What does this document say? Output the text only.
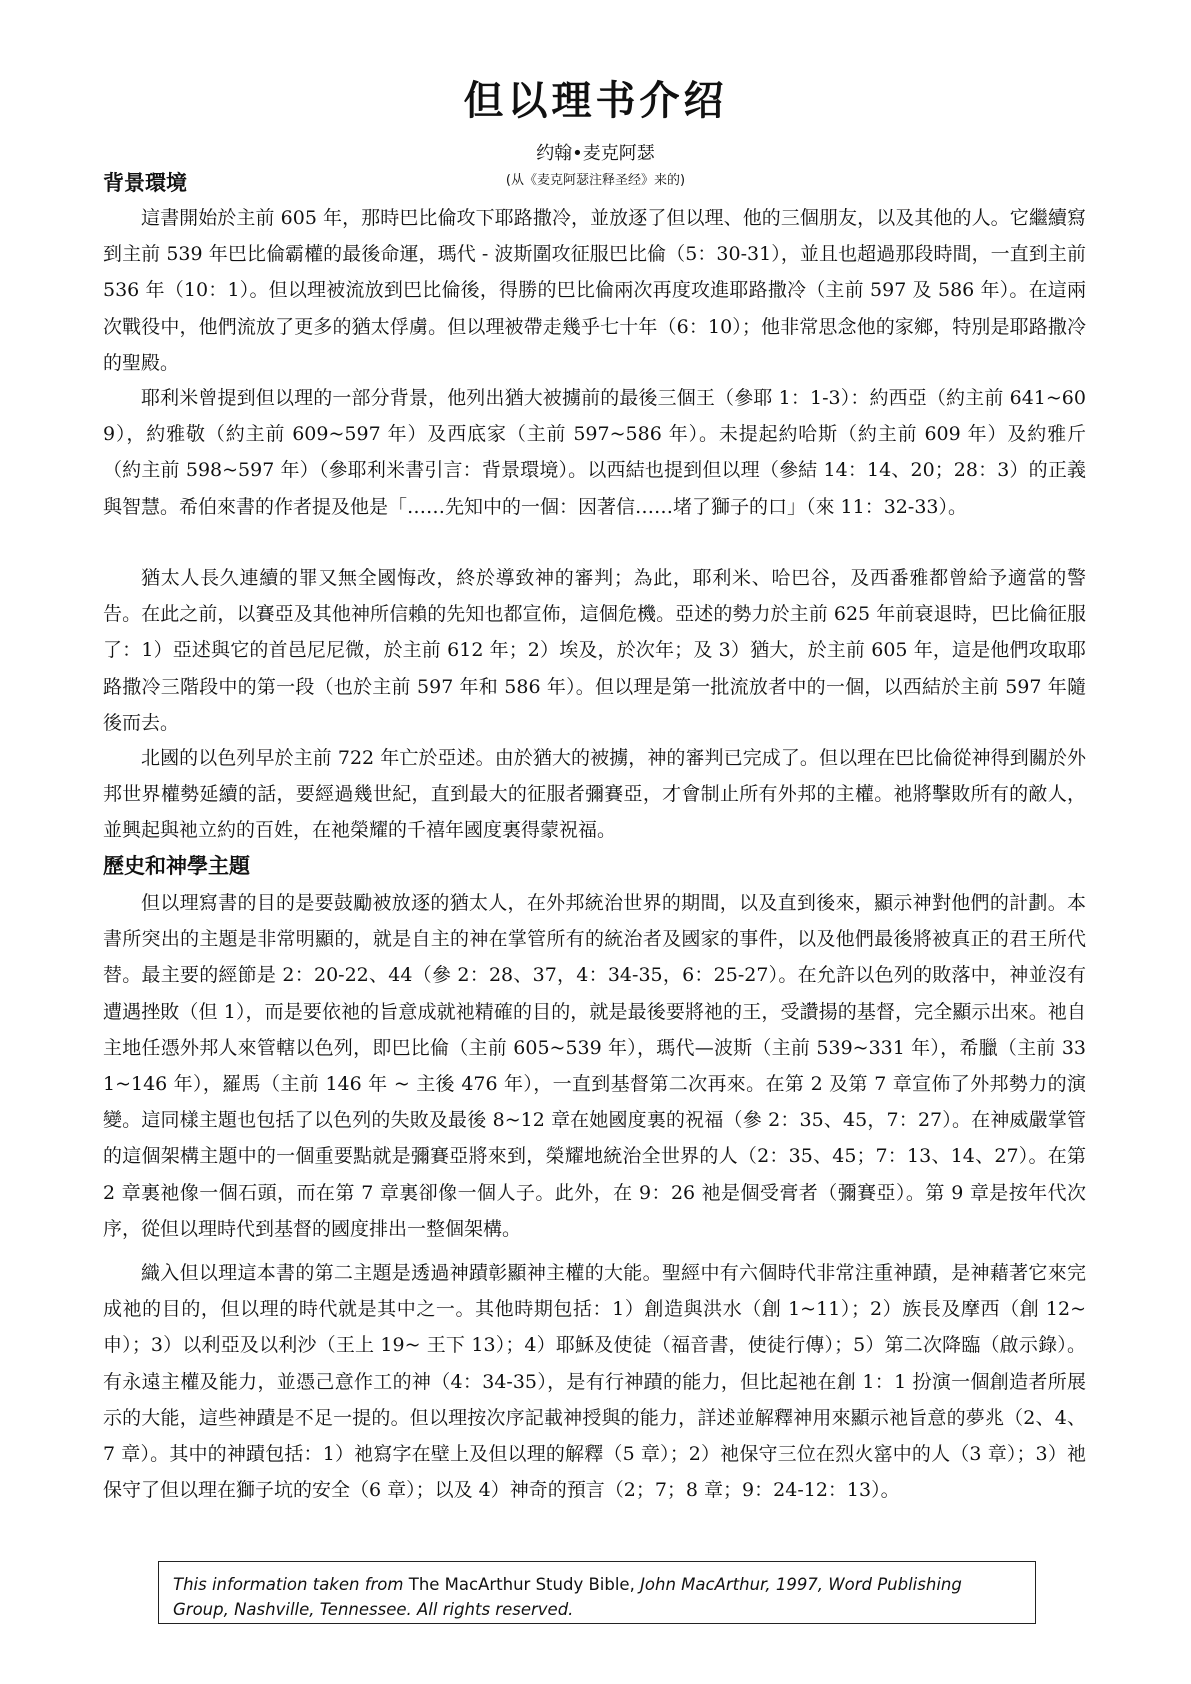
但以理书介绍
约翰•麦克阿瑟
(从《麦克阿瑟注释圣经》来的)
背景環境

這書開始於主前 605 年，那時巴比倫攻下耶路撒冷，並放逐了但以理、他的三個朋友，以及其他的人。它繼續寫到主前 539 年巴比倫霸權的最後命運，瑪代 - 波斯圍攻征服巴比倫（5：30-31），並且也超過那段時間，一直到主前 536 年（10：1）。但以理被流放到巴比倫後，得勝的巴比倫兩次再度攻進耶路撒冷（主前 597 及 586 年）。在這兩次戰役中，他們流放了更多的猶太俘虜。但以理被帶走幾乎七十年（6：10）；他非常思念他的家鄉，特別是耶路撒冷的聖殿。

耶利米曾提到但以理的一部分背景，他列出猶大被擄前的最後三個王（參耶 1：1-3）：約西亞（約主前 641~609），約雅敬（約主前 609~597 年）及西底家（主前 597~586 年）。未提起約哈斯（約主前 609 年）及約雅斤（約主前 598~597 年）（參耶利米書引言：背景環境）。以西結也提到但以理（參結 14：14、20；28：3）的正義與智慧。希伯來書的作者提及他是「……先知中的一個：因著信……堵了獅子的口」（來 11：32-33）。

猶太人長久連續的罪又無全國悔改，終於導致神的審判；為此，耶利米、哈巴谷，及西番雅都曾給予適當的警告。在此之前，以賽亞及其他神所信賴的先知也都宣佈，這個危機。亞述的勢力於主前 625 年前衰退時，巴比倫征服了：1）亞述與它的首邑尼尼微，於主前 612 年；2）埃及，於次年；及 3）猶大，於主前 605 年，這是他們攻取耶路撒冷三階段中的第一段（也於主前 597 年和 586 年）。但以理是第一批流放者中的一個，以西結於主前 597 年隨後而去。

北國的以色列早於主前 722 年亡於亞述。由於猶大的被擄，神的審判已完成了。但以理在巴比倫從神得到關於外邦世界權勢延續的話，要經過幾世紀，直到最大的征服者彌賽亞，才會制止所有外邦的主權。祂將擊敗所有的敵人，並興起與祂立約的百姓，在祂榮耀的千禧年國度裏得蒙祝福。

歷史和神學主題

但以理寫書的目的是要鼓勵被放逐的猶太人，在外邦統治世界的期間，以及直到後來，顯示神對他們的計劃。本書所突出的主題是非常明顯的，就是自主的神在掌管所有的統治者及國家的事件，以及他們最後將被真正的君王所代替。最主要的經節是 2：20-22、44（參 2：28、37，4：34-35，6：25-27）。在允許以色列的敗落中，神並沒有遭遇挫敗（但 1），而是要依祂的旨意成就祂精確的目的，就是最後要將祂的王，受讚揚的基督，完全顯示出來。祂自主地任憑外邦人來管轄以色列，即巴比倫（主前 605~539 年），瑪代—波斯（主前 539~331 年），希臘（主前 331~146 年），羅馬（主前 146 年 ~ 主後 476 年），一直到基督第二次再來。在第 2 及第 7 章宣佈了外邦勢力的演變。這同樣主題也包括了以色列的失敗及最後 8~12 章在她國度裏的祝福（參 2：35、45，7：27）。在神威嚴掌管的這個架構主題中的一個重要點就是彌賽亞將來到，榮耀地統治全世界的人（2：35、45；7：13、14、27）。在第 2 章裏祂像一個石頭，而在第 7 章裏卻像一個人子。此外，在 9：26 祂是個受膏者（彌賽亞）。第 9 章是按年代次序，從但以理時代到基督的國度排出一整個架構。

織入但以理這本書的第二主題是透過神蹟彰顯神主權的大能。聖經中有六個時代非常注重神蹟，是神藉著它來完成祂的目的，但以理的時代就是其中之一。其他時期包括：1）創造與洪水（創 1~11）；2）族長及摩西（創 12~ 申）；3）以利亞及以利沙（王上 19~ 王下 13）；4）耶穌及使徒（福音書，使徒行傳）；5）第二次降臨（啟示錄）。有永遠主權及能力，並憑己意作工的神（4：34-35），是有行神蹟的能力，但比起祂在創 1：1 扮演一個創造者所展示的大能，這些神蹟是不足一提的。但以理按次序記載神授與的能力，詳述並解釋神用來顯示祂旨意的夢兆（2、4、7 章）。其中的神蹟包括：1）祂寫字在壁上及但以理的解釋（5 章）；2）祂保守三位在烈火窰中的人（3 章）；3）祂保守了但以理在獅子坑的安全（6 章）；以及 4）神奇的預言（2；7；8 章；9：24-12：13）。

This information taken from The MacArthur Study Bible, John MacArthur, 1997, Word Publishing Group, Nashville, Tennessee. All rights reserved.
